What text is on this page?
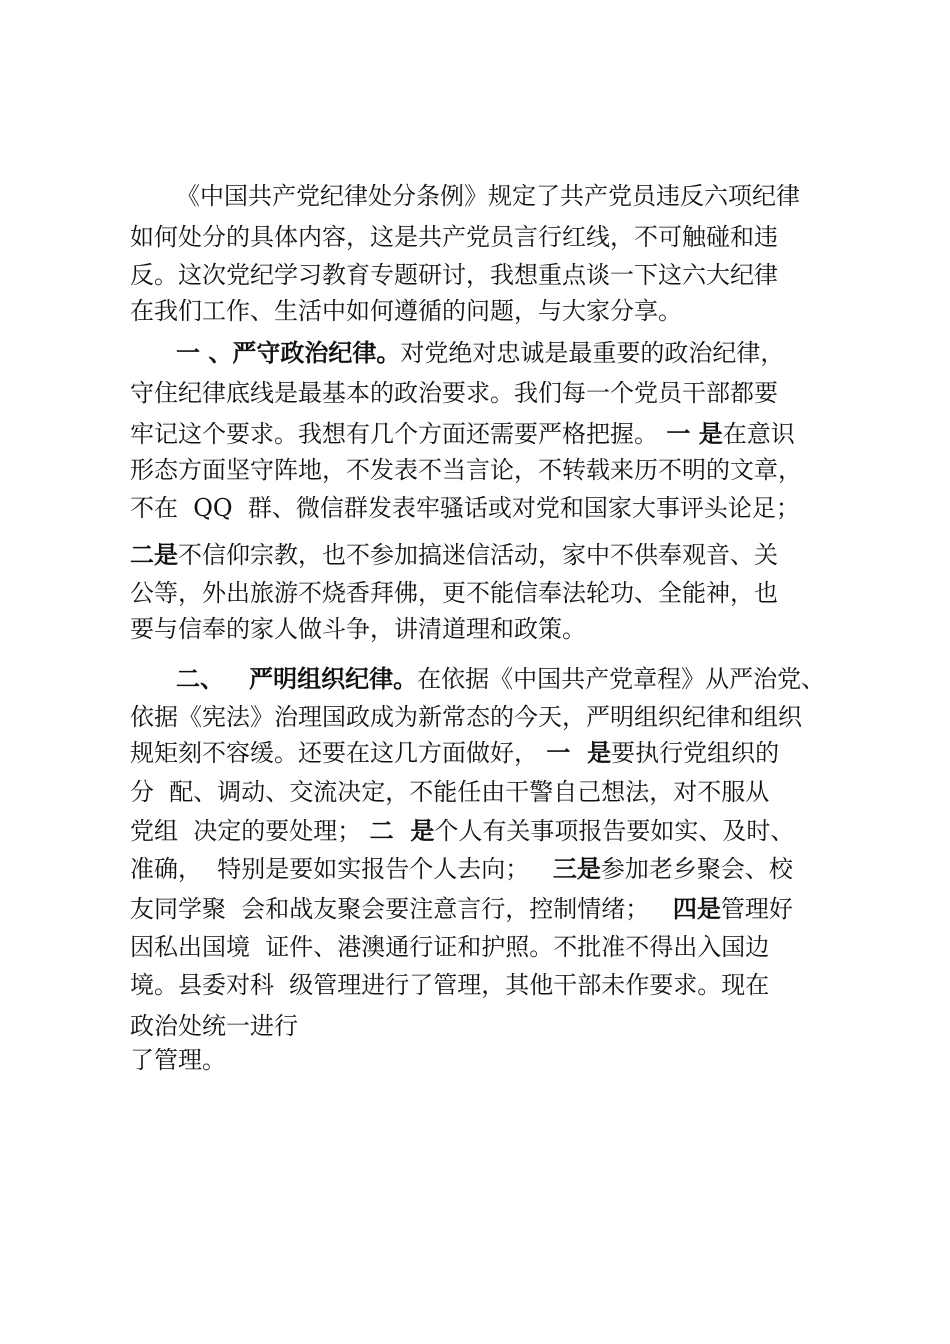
《中国共产党纪律处分条例》规定了共产党员违反六项纪律

如何处分的具体内容，这是共产党员言行红线，不可触碰和违

反。这次党纪学习教育专题研讨，我想重点谈一下这六大纪律

在我们工作、生活中如何遵循的问题，与大家分享。

一 、严守政治纪律。对党绝对忠诚是最重要的政治纪律，

守住纪律底线是最基本的政治要求。我们每一个党员干部都要

牢记这个要求。我想有几个方面还需要严格把握。 一 是在意识

形态方面坚守阵地，不发表不当言论，不转载来历不明的文章，

不在  QQ  群、微信群发表牢骚话或对党和国家大事评头论足；

二是不信仰宗教，也不参加搞迷信活动，家中不供奉观音、关

公等，外出旅游不烧香拜佛，更不能信奉法轮功、全能神，也

要与信奉的家人做斗争，讲清道理和政策。

二、   严明组织纪律。在依据《中国共产党章程》从严治党、

依据《宪法》治理国政成为新常态的今天，严明组织纪律和组织

规矩刻不容缓。还要在这几方面做好， 一  是要执行党组织的

分  配、调动、交流决定，不能任由干警自己想法，对不服从

党组  决定的要处理； 二  是个人有关事项报告要如实、及时、

准确，  特别是要如实报告个人去向；   三是参加老乡聚会、校

友同学聚  会和战友聚会要注意言行，控制情绪；   四是管理好

因私出国境  证件、港澳通行证和护照。不批准不得出入国边

境。县委对科  级管理进行了管理，其他干部未作要求。现在

政治处统一进行

了管理。
